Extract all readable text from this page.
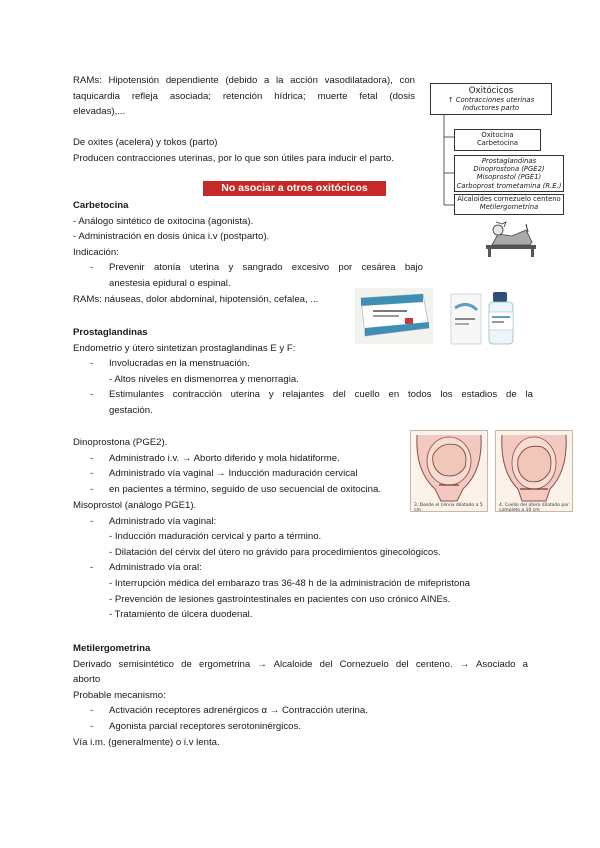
RAMs: Hipotensión dependiente (debido a la acción vasodilatadora), con
taquicardia refleja asociada; retención hídrica; muerte fetal (dosis
elevadas),...
De oxites (acelera) y tokos (parto)
Producen contracciones uterinas, por lo que son útiles para inducir el parto.
No asociar a otros oxitócicos
Oxitócicos
↑ Contracciones uterinas
Inductores parto
Oxitocina
Carbetocina
Prostaglandinas
Dinoprostona (PGE2)
Misoprostol (PGE1)
Carboprost trometamina (R.E.)
Alcaloides cornezuelo centeno
Metilergometrina
Carbetocina
- Análogo sintético de oxitocina (agonista).
- Administración en dosis única i.v (postparto).
Indicación:
- Prevenir atonía uterina y sangrado excesivo por cesárea bajo
anestesia epidural o espinal.
RAMs: náuseas, dolor abdominal, hipotensión, cefalea, ...
Prostaglandinas
Endometrio y útero sintetizan prostaglandinas E y F:
- Involucradas en la menstruación.
- Altos niveles en dismenorrea y menorragia.
- Estimulantes contracción uterina y relajantes del cuello en todos los estadios de la
gestación.
Dinoprostona (PGE2).
- Administrado i.v. → Aborto diferido y mola hidatiforme.
- Administrado vía vaginal → Inducción maduración cervical
- en pacientes a término, seguido de uso secuencial de oxitocina.
3. Desde el cérvix dilatado a 5 cm
4. Cuello del útero dilatado por completo a 10 cm
Misoprostol (análogo PGE1).
- Administrado vía vaginal:
- Inducción maduración cervical y parto a término.
- Dilatación del cérvix del útero no grávido para procedimientos ginecológicos.
- Administrado vía oral:
- Interrupción médica del embarazo tras 36-48 h de la administración de mifepristona
- Prevención de lesiones gastrointestinales en pacientes con uso crónico AINEs.
- Tratamiento de úlcera duodenal.
Metilergometrina
Derivado semisintético de ergometrina → Alcaloide del Cornezuelo del centeno. → Asociado a
aborto
Probable mecanismo:
- Activación receptores adrenérgicos α → Contracción uterina.
- Agonista parcial receptores serotoninérgicos.
Vía i.m. (generalmente) o i.v lenta.
